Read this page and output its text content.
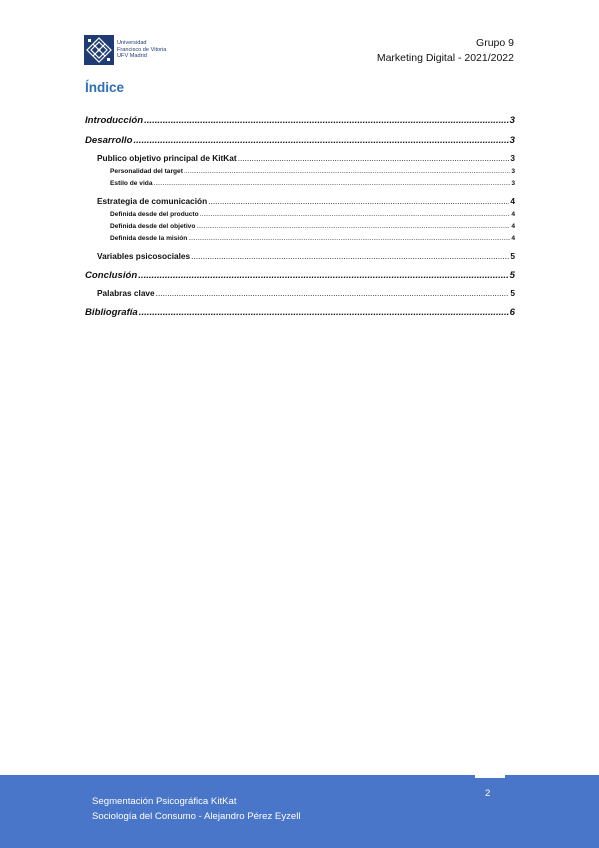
Universidad
Francisco de Vitoria
UFV Madrid
Grupo 9
Marketing Digital - 2021/2022
Índice
Introducción .....	3
Desarrollo .....	3
Publico objetivo principal de KitKat .....	3
Personalidad del target .....	3
Estilo de vida .....	3
Estrategia de comunicación .....	4
Definida desde del producto .....	4
Definida desde del objetivo .....	4
Definida desde la misión .....	4
Variables psicosociales .....	5
Conclusión .....	5
Palabras clave .....	5
Bibliografía .....	6
2
Segmentación Psicográfica KitKat
Sociología del Consumo - Alejandro Pérez Eyzell
